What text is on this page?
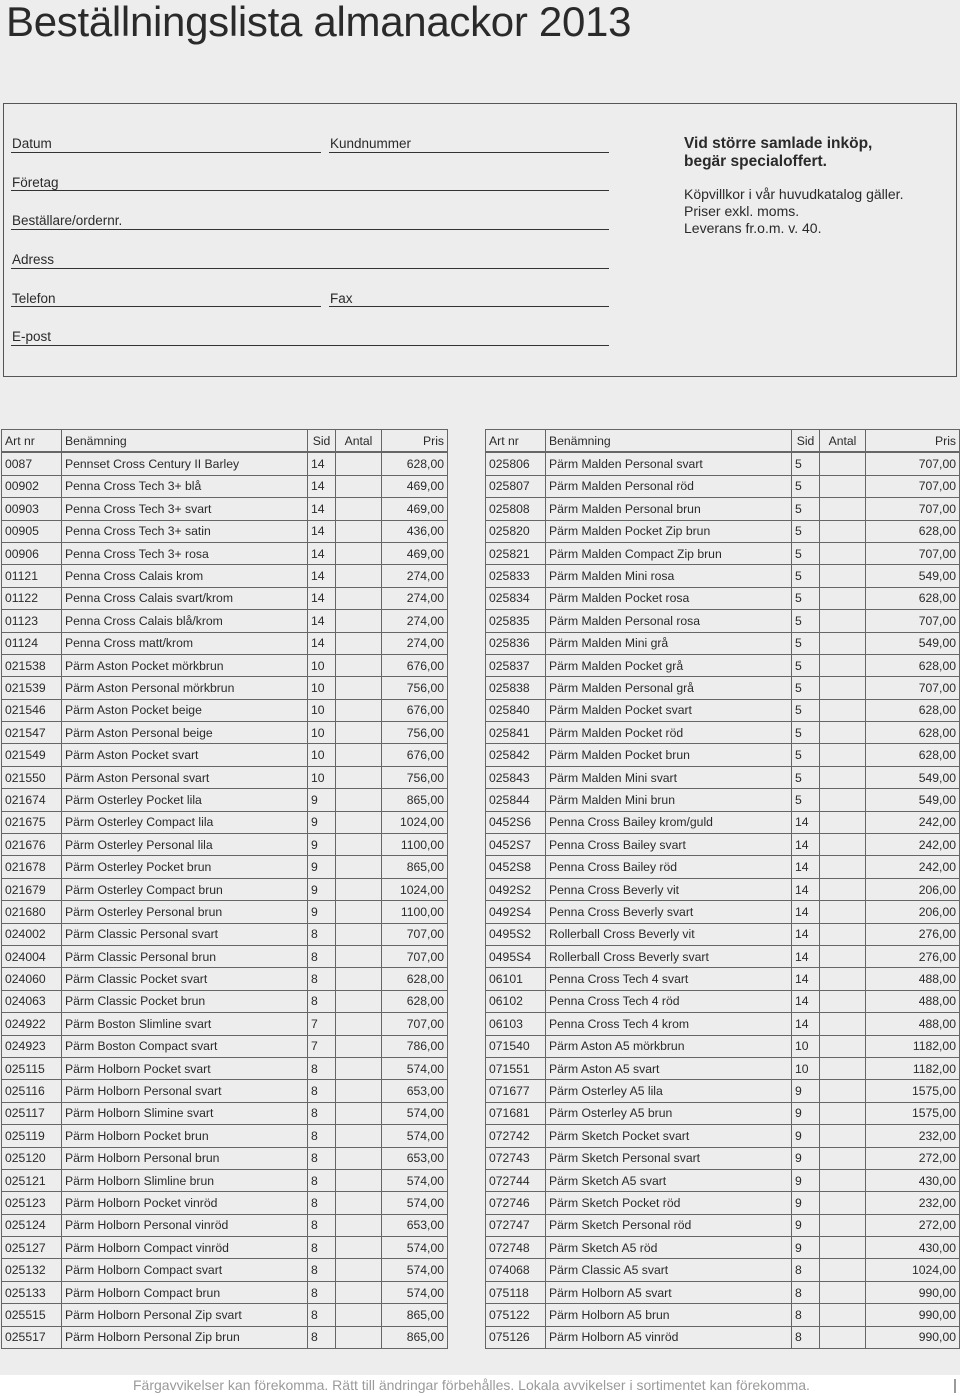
Beställningslista almanackor 2013
Datum	Kundnummer
Företag
Beställare/ordernr.
Adress
Telefon	Fax
E-post
Vid större samlade inköp,
begär specialoffert.
Köpvillkor i vår huvudkatalog gäller.
Priser exkl. moms.
Leverans fr.o.m. v. 40.
Art nr	Benämning	Sid	Antal	Pris

0087	Pennset Cross Century II Barley	14		628,00
00902	Penna Cross Tech 3+ blå	14		469,00
00903	Penna Cross Tech 3+ svart	14		469,00
00905	Penna Cross Tech 3+ satin	14		436,00
00906	Penna Cross Tech 3+ rosa	14		469,00
01121	Penna Cross Calais krom	14		274,00
01122	Penna Cross Calais svart/krom	14		274,00
01123	Penna Cross Calais blå/krom	14		274,00
01124	Penna Cross matt/krom	14		274,00
021538	Pärm Aston Pocket mörkbrun	10		676,00
021539	Pärm Aston Personal mörkbrun	10		756,00
021546	Pärm Aston Pocket beige	10		676,00
021547	Pärm Aston Personal beige	10		756,00
021549	Pärm Aston Pocket svart	10		676,00
021550	Pärm Aston Personal svart	10		756,00
021674	Pärm Osterley Pocket lila	9		865,00
021675	Pärm Osterley Compact lila	9		1024,00
021676	Pärm Osterley Personal lila	9		1100,00
021678	Pärm Osterley Pocket brun	9		865,00
021679	Pärm Osterley Compact brun	9		1024,00
021680	Pärm Osterley Personal brun	9		1100,00
024002	Pärm Classic Personal svart	8		707,00
024004	Pärm Classic Personal brun	8		707,00
024060	Pärm Classic Pocket svart	8		628,00
024063	Pärm Classic Pocket brun	8		628,00
024922	Pärm Boston Slimline svart	7		707,00
024923	Pärm Boston Compact svart	7		786,00
025115	Pärm Holborn Pocket svart	8		574,00
025116	Pärm Holborn Personal svart	8		653,00
025117	Pärm Holborn Slimine svart	8		574,00
025119	Pärm Holborn Pocket brun	8		574,00
025120	Pärm Holborn Personal brun	8		653,00
025121	Pärm Holborn Slimline brun	8		574,00
025123	Pärm Holborn Pocket vinröd	8		574,00
025124	Pärm Holborn Personal vinröd	8		653,00
025127	Pärm Holborn Compact vinröd	8		574,00
025132	Pärm Holborn Compact svart	8		574,00
025133	Pärm Holborn Compact brun	8		574,00
025515	Pärm Holborn Personal Zip svart	8		865,00
025517	Pärm Holborn Personal Zip brun	8		865,00
Art nr	Benämning	Sid	Antal	Pris

025806	Pärm Malden Personal svart	5		707,00
025807	Pärm Malden Personal röd	5		707,00
025808	Pärm Malden Personal brun	5		707,00
025820	Pärm Malden Pocket Zip brun	5		628,00
025821	Pärm Malden Compact Zip brun	5		707,00
025833	Pärm Malden Mini rosa	5		549,00
025834	Pärm Malden Pocket rosa	5		628,00
025835	Pärm Malden Personal rosa	5		707,00
025836	Pärm Malden Mini grå	5		549,00
025837	Pärm Malden Pocket grå	5		628,00
025838	Pärm Malden Personal grå	5		707,00
025840	Pärm Malden Pocket svart	5		628,00
025841	Pärm Malden Pocket röd	5		628,00
025842	Pärm Malden Pocket brun	5		628,00
025843	Pärm Malden Mini svart	5		549,00
025844	Pärm Malden Mini brun	5		549,00
0452S6	Penna Cross Bailey krom/guld	14		242,00
0452S7	Penna Cross Bailey svart	14		242,00
0452S8	Penna Cross Bailey röd	14		242,00
0492S2	Penna Cross Beverly vit	14		206,00
0492S4	Penna Cross Beverly svart	14		206,00
0495S2	Rollerball Cross Beverly vit	14		276,00
0495S4	Rollerball Cross Beverly svart	14		276,00
06101	Penna Cross Tech 4 svart	14		488,00
06102	Penna Cross Tech 4 röd	14		488,00
06103	Penna Cross Tech 4 krom	14		488,00
071540	Pärm Aston A5 mörkbrun	10		1182,00
071551	Pärm Aston A5 svart	10		1182,00
071677	Pärm Osterley A5 lila	9		1575,00
071681	Pärm Osterley A5 brun	9		1575,00
072742	Pärm Sketch Pocket svart	9		232,00
072743	Pärm Sketch Personal svart	9		272,00
072744	Pärm Sketch A5 svart	9		430,00
072746	Pärm Sketch Pocket röd	9		232,00
072747	Pärm Sketch Personal röd	9		272,00
072748	Pärm Sketch A5 röd	9		430,00
074068	Pärm Classic A5 svart	8		1024,00
075118	Pärm Holborn A5 svart	8		990,00
075122	Pärm Holborn A5 brun	8		990,00
075126	Pärm Holborn A5 vinröd	8		990,00
Färgavvikelser kan förekomma. Rätt till ändringar förbehålles. Lokala avvikelser i sortimentet kan förekomma.
